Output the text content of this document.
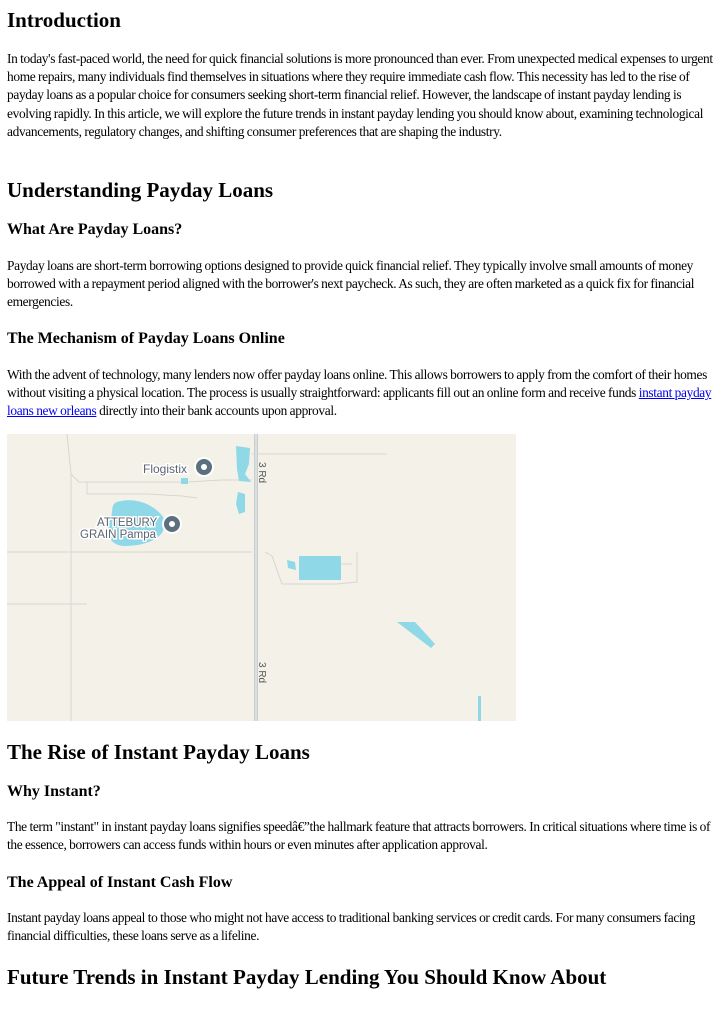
Introduction

In today's fast-paced world, the need for quick financial solutions is more pronounced than ever. From unexpected medical expenses to urgent home repairs, many individuals find themselves in situations where they require immediate cash flow. This necessity has led to the rise of payday loans as a popular choice for consumers seeking short-term financial relief. However, the landscape of instant payday lending is evolving rapidly. In this article, we will explore the future trends in instant payday lending you should know about, examining technological advancements, regulatory changes, and shifting consumer preferences that are shaping the industry.

Understanding Payday Loans
What Are Payday Loans?

Payday loans are short-term borrowing options designed to provide quick financial relief. They typically involve small amounts of money borrowed with a repayment period aligned with the borrower's next paycheck. As such, they are often marketed as a quick fix for financial emergencies.

The Mechanism of Payday Loans Online

With the advent of technology, many lenders now offer payday loans online. This allows borrowers to apply from the comfort of their homes without visiting a physical location. The process is usually straightforward: applicants fill out an online form and receive funds instant payday loans new orleans directly into their bank accounts upon approval.

3 Rd
3 Rd
Flogistix
ATTEBURY
GRAIN Pampa
The Rise of Instant Payday Loans
Why Instant?

The term "instant" in instant payday loans signifies speedâ€”the hallmark feature that attracts borrowers. In critical situations where time is of the essence, borrowers can access funds within hours or even minutes after application approval.

The Appeal of Instant Cash Flow

Instant payday loans appeal to those who might not have access to traditional banking services or credit cards. For many consumers facing financial difficulties, these loans serve as a lifeline.

Future Trends in Instant Payday Lending You Should Know About
